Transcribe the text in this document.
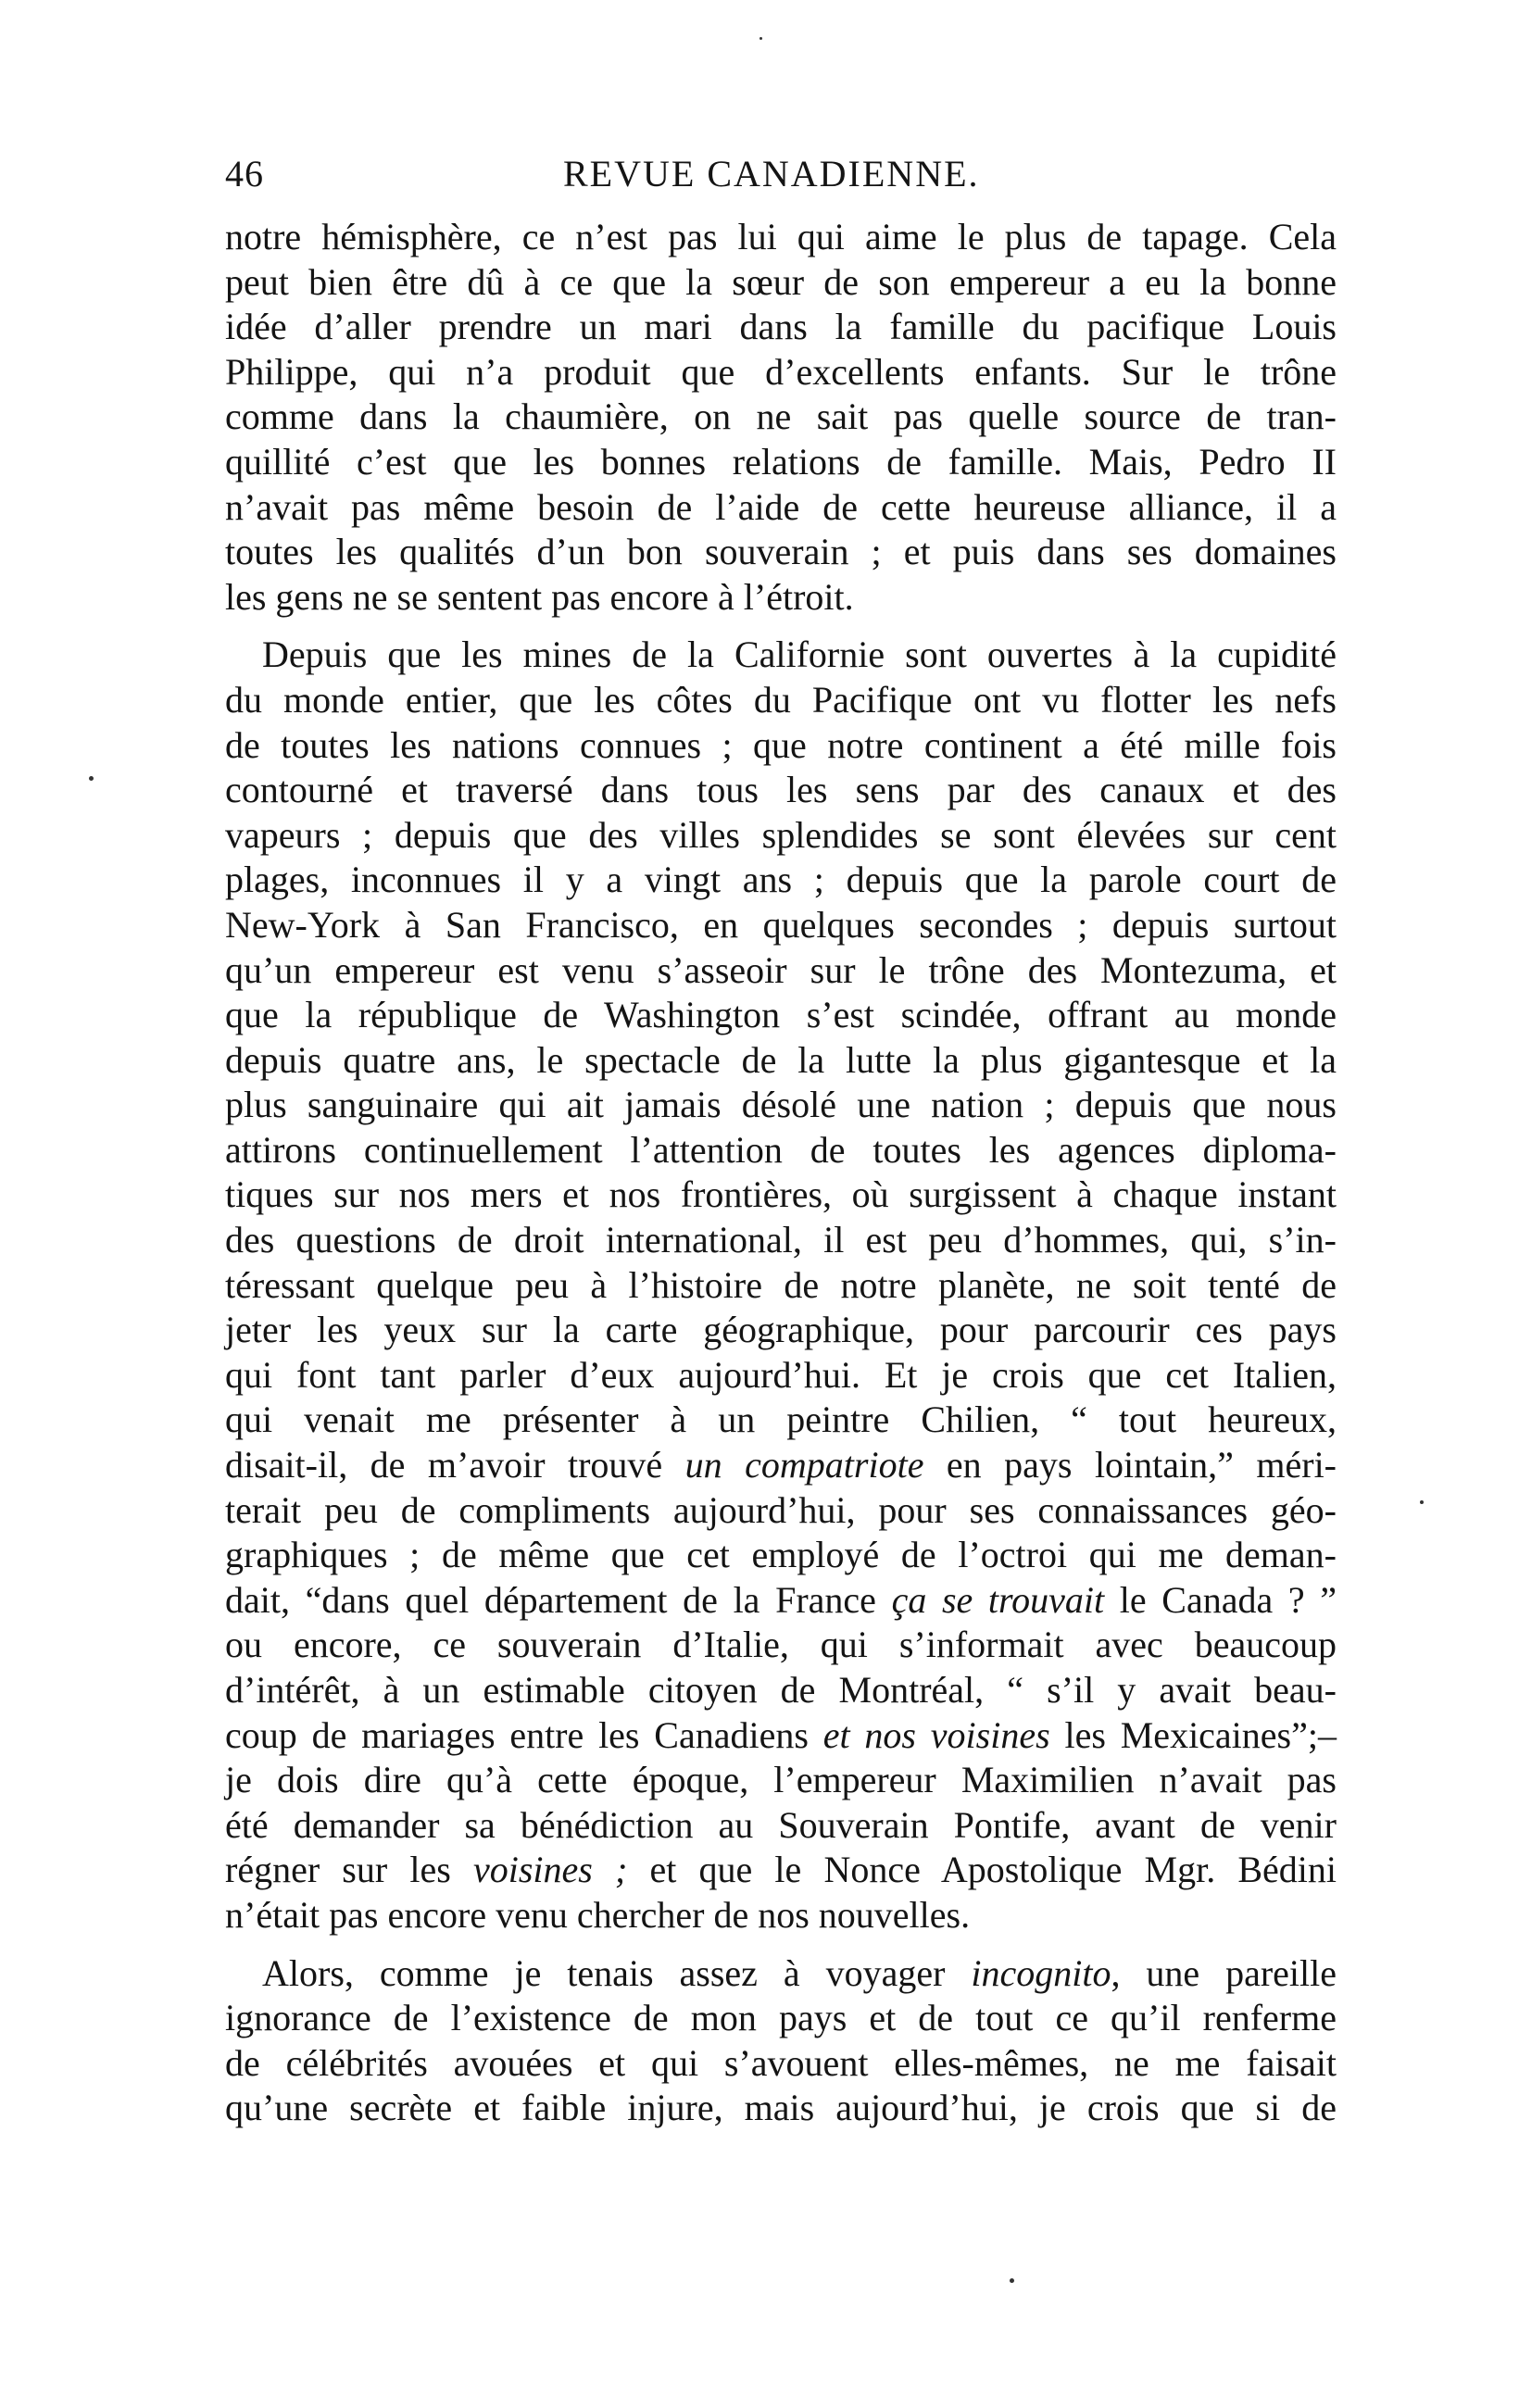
46	REVUE CANADIENNE.
notre hémisphère, ce n’est pas lui qui aime le plus de tapage. Cela
peut bien être dû à ce que la sœur de son empereur a eu la bonne
idée d’aller prendre un mari dans la famille du pacifique Louis
Philippe, qui n’a produit que d’excellents enfants. Sur le trône
comme dans la chaumière, on ne sait pas quelle source de tran-
quillité c’est que les bonnes relations de famille. Mais, Pedro II
n’avait pas même besoin de l’aide de cette heureuse alliance, il a
toutes les qualités d’un bon souverain ; et puis dans ses domaines
les gens ne se sentent pas encore à l’étroit.
Depuis que les mines de la Californie sont ouvertes à la cupidité
du monde entier, que les côtes du Pacifique ont vu flotter les nefs
de toutes les nations connues ; que notre continent a été mille fois
contourné et traversé dans tous les sens par des canaux et des
vapeurs ; depuis que des villes splendides se sont élevées sur cent
plages, inconnues il y a vingt ans ; depuis que la parole court de
New-York à San Francisco, en quelques secondes ; depuis surtout
qu’un empereur est venu s’asseoir sur le trône des Montezuma, et
que la république de Washington s’est scindée, offrant au monde
depuis quatre ans, le spectacle de la lutte la plus gigantesque et la
plus sanguinaire qui ait jamais désolé une nation ; depuis que nous
attirons continuellement l’attention de toutes les agences diploma-
tiques sur nos mers et nos frontières, où surgissent à chaque instant
des questions de droit international, il est peu d’hommes, qui, s’in-
téressant quelque peu à l’histoire de notre planète, ne soit tenté de
jeter les yeux sur la carte géographique, pour parcourir ces pays
qui font tant parler d’eux aujourd’hui. Et je crois que cet Italien,
qui venait me présenter à un peintre Chilien, “ tout heureux,
disait-il, de m’avoir trouvé un compatriote en pays lointain,” méri-
terait peu de compliments aujourd’hui, pour ses connaissances géo-
graphiques ; de même que cet employé de l’octroi qui me deman-
dait, “dans quel département de la France ça se trouvait le Canada ? ”
ou encore, ce souverain d’Italie, qui s’informait avec beaucoup
d’intérêt, à un estimable citoyen de Montréal, “ s’il y avait beau-
coup de mariages entre les Canadiens et nos voisines les Mexicaines”;–
je dois dire qu’à cette époque, l’empereur Maximilien n’avait pas
été demander sa bénédiction au Souverain Pontife, avant de venir
régner sur les voisines ; et que le Nonce Apostolique Mgr. Bédini
n’était pas encore venu chercher de nos nouvelles.
Alors, comme je tenais assez à voyager incognito, une pareille
ignorance de l’existence de mon pays et de tout ce qu’il renferme
de célébrités avouées et qui s’avouent elles-mêmes, ne me faisait
qu’une secrète et faible injure, mais aujourd’hui, je crois que si de
